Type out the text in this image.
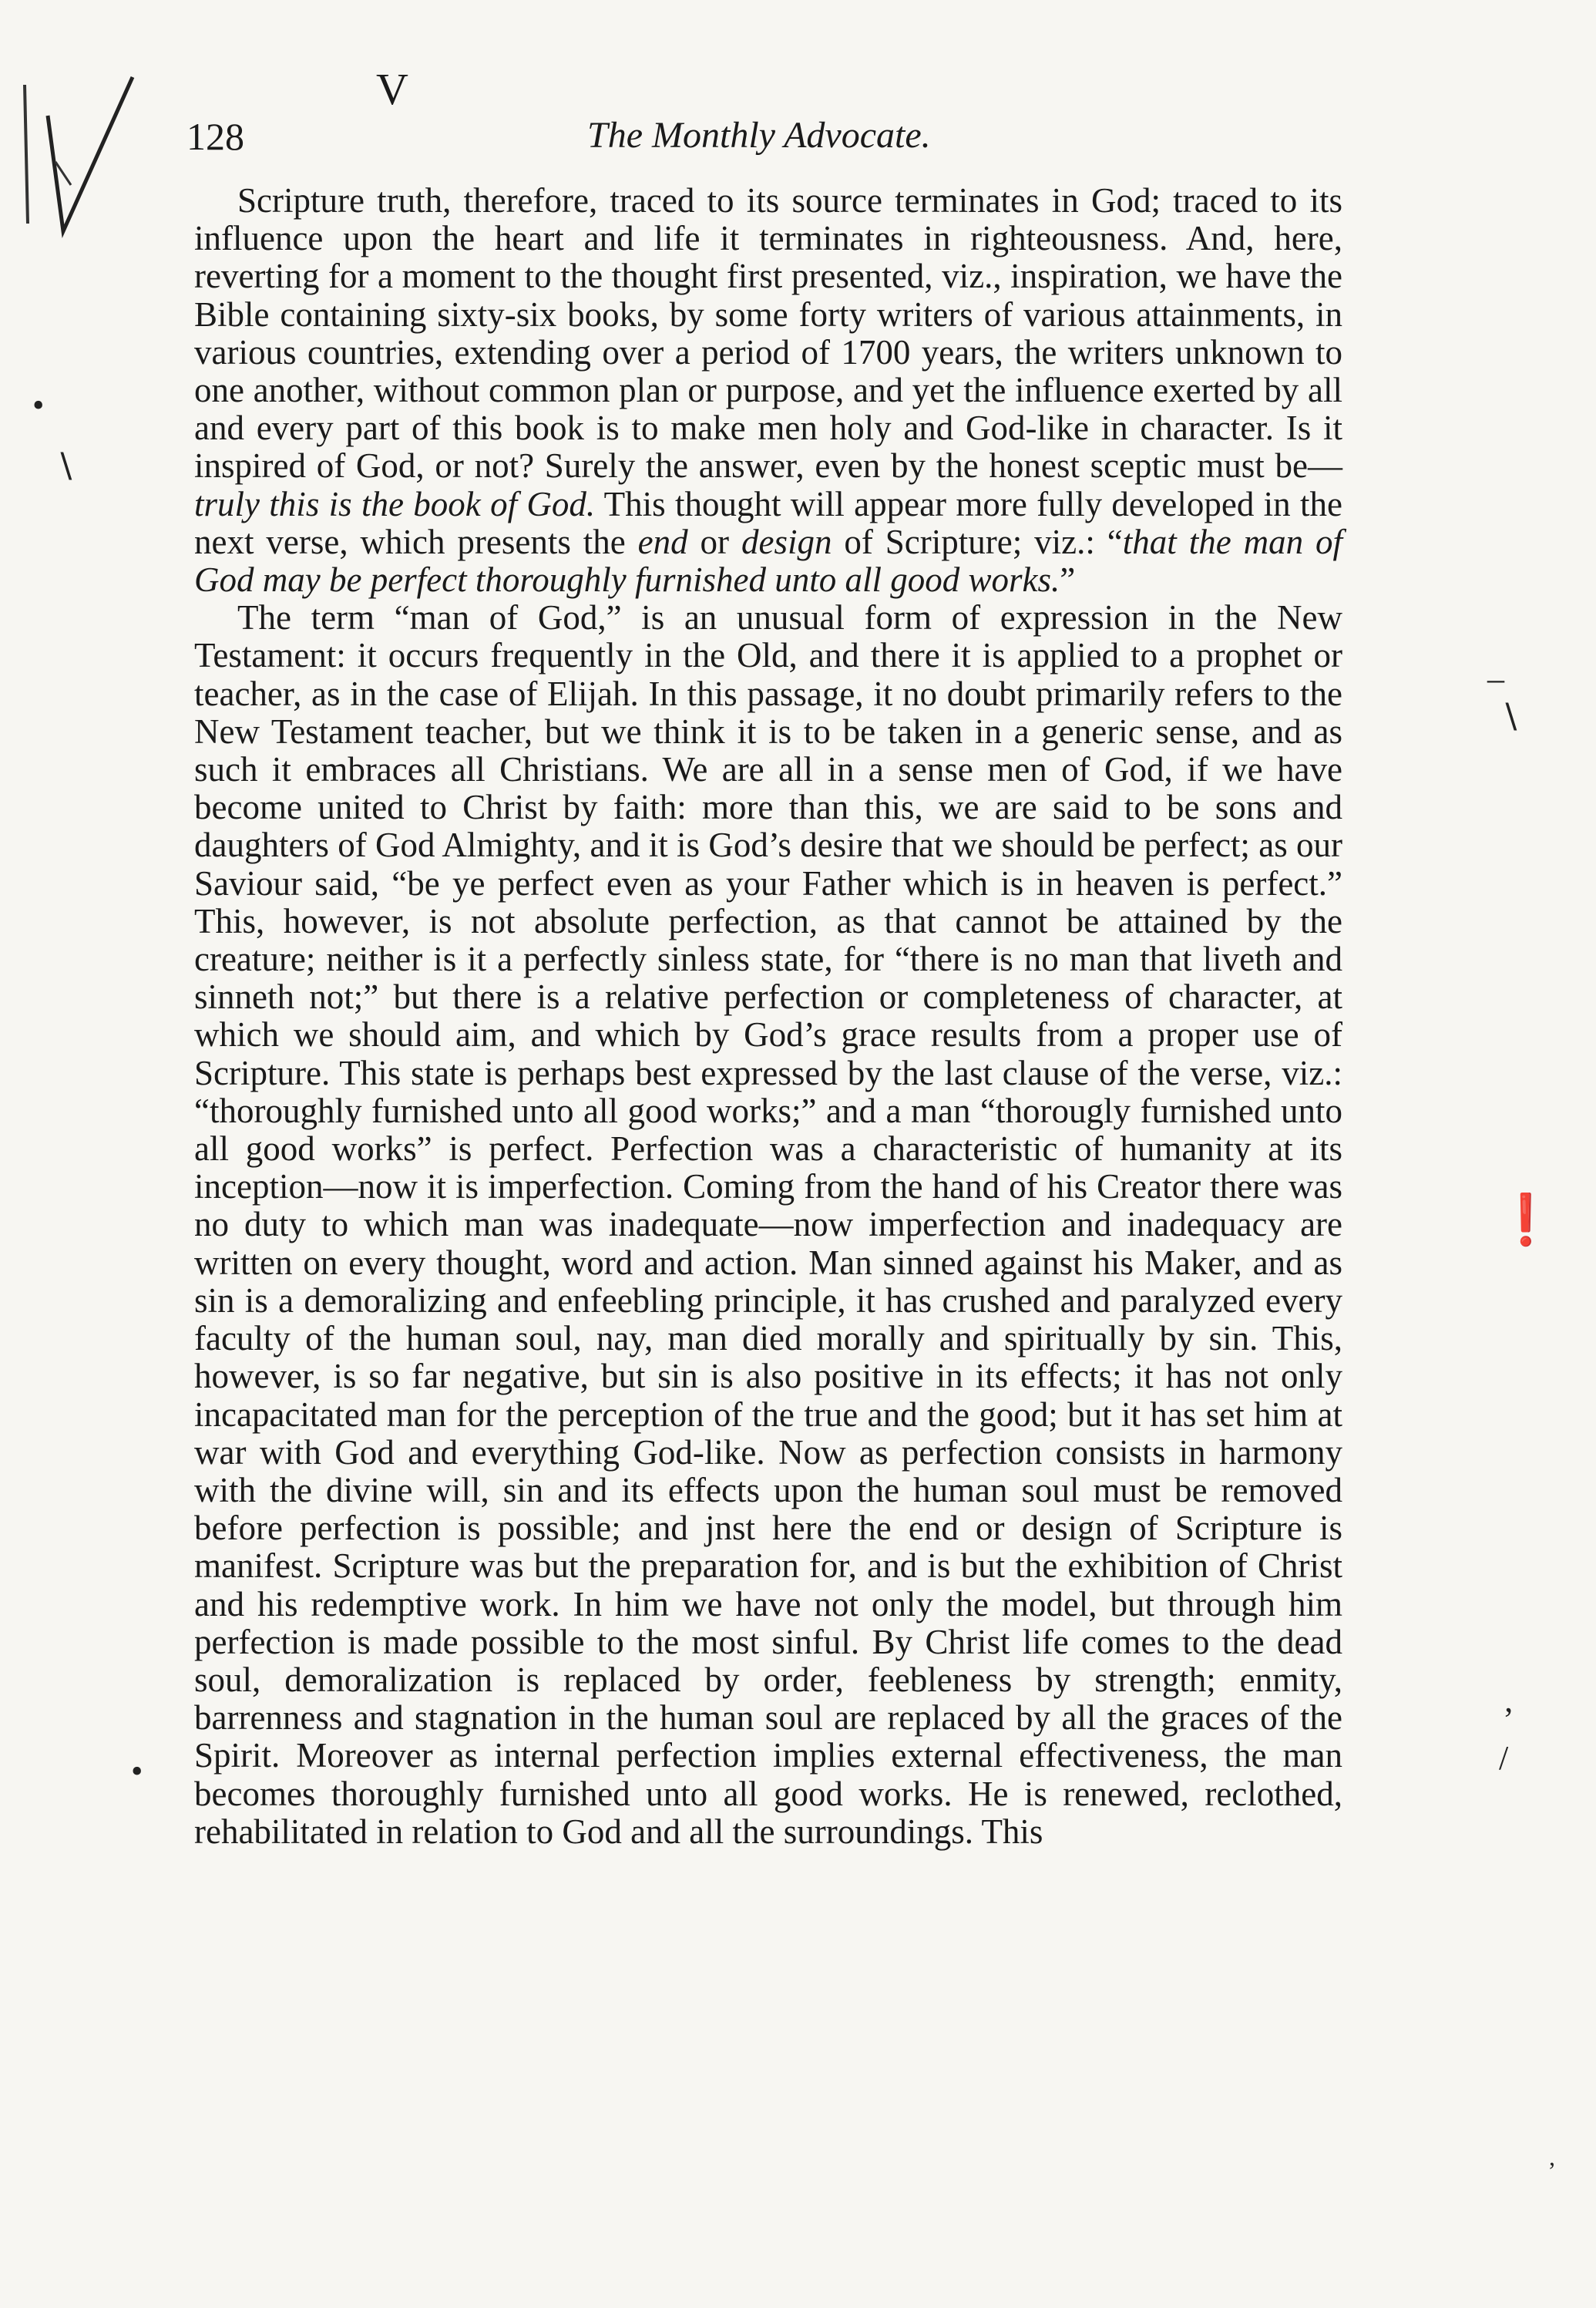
V
128	The Monthly Advocate.

Scripture truth, therefore, traced to its source terminates in God; traced to its influence upon the heart and life it terminates in righteousness. And, here, reverting for a moment to the thought first presented, viz., inspiration, we have the Bible containing sixty-six books, by some forty writers of various attainments, in various countries, extending over a period of 1700 years, the writers unknown to one another, without common plan or purpose, and yet the influence exerted by all and every part of this book is to make men holy and God-like in character. Is it inspired of God, or not? Surely the answer, even by the honest sceptic must be—truly this is the book of God. This thought will appear more fully developed in the next verse, which presents the end or design of Scripture; viz.: “that the man of God may be perfect thoroughly furnished unto all good works.”

The term “man of God,” is an unusual form of expression in the New Testament: it occurs frequently in the Old, and there it is applied to a prophet or teacher, as in the case of Elijah. In this passage, it no doubt primarily refers to the New Testament teacher, but we think it is to be taken in a generic sense, and as such it embraces all Christians. We are all in a sense men of God, if we have become united to Christ by faith: more than this, we are said to be sons and daughters of God Almighty, and it is God’s desire that we should be perfect; as our Saviour said, “be ye perfect even as your Father which is in heaven is perfect.” This, however, is not absolute perfection, as that cannot be attained by the creature; neither is it a perfectly sinless state, for “there is no man that liveth and sinneth not;” but there is a relative perfection or completeness of character, at which we should aim, and which by God’s grace results from a proper use of Scripture. This state is perhaps best expressed by the last clause of the verse, viz.: “thoroughly furnished unto all good works;” and a man “thorougly furnished unto all good works” is perfect. Perfection was a characteristic of humanity at its inception—now it is imperfection. Coming from the hand of his Creator there was no duty to which man was inadequate—now imperfection and inadequacy are written on every thought, word and action. Man sinned against his Maker, and as sin is a demoralizing and enfeebling principle, it has crushed and paralyzed every faculty of the human soul, nay, man died morally and spiritually by sin. This, however, is so far negative, but sin is also positive in its effects; it has not only incapacitated man for the perception of the true and the good; but it has set him at war with God and everything God-like. Now as perfection consists in harmony with the divine will, sin and its effects upon the human soul must be removed before perfection is possible; and jnst here the end or design of Scripture is manifest. Scripture was but the preparation for, and is but the exhibition of Christ and his redemptive work. In him we have not only the model, but through him perfection is made possible to the most sinful. By Christ life comes to the dead soul, demoralization is replaced by order, feebleness by strength; enmity, barrenness and stagnation in the human soul are replaced by all the graces of the Spirit. Moreover as internal perfection implies external effectiveness, the man becomes thoroughly furnished unto all good works. He is renewed, reclothed, rehabilitated in relation to God and all the surroundings. This

•
∖
–
∖
❗
’
/
•
,
